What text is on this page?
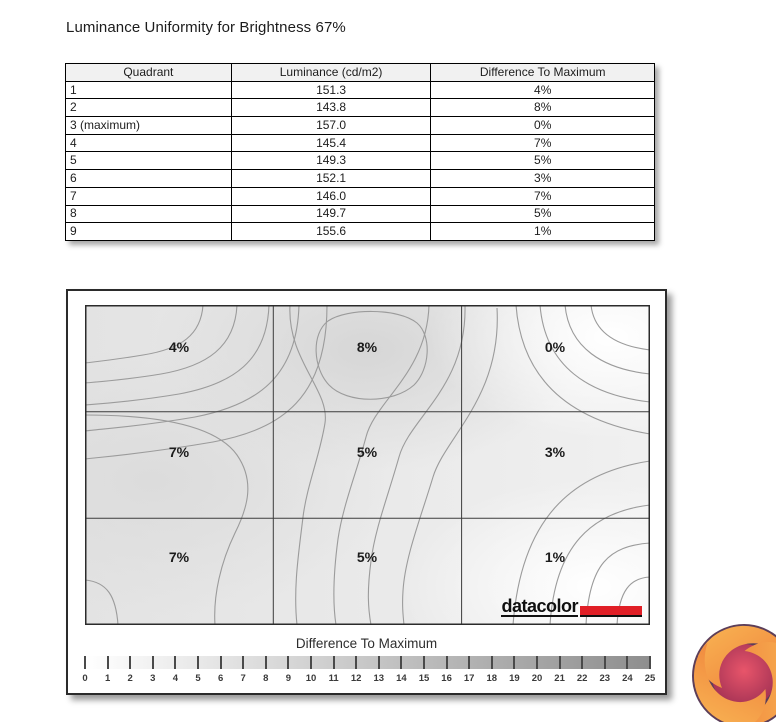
Luminance Uniformity for Brightness 67%
Quadrant	Luminance (cd/m2)	Difference To Maximum
1	151.3	4%
2	143.8	8%
3 (maximum)	157.0	0%
4	145.4	7%
5	149.3	5%
6	152.1	3%
7	146.0	7%
8	149.7	5%
9	155.6	1%
4%	8%	0%
7%	5%	3%
7%	5%	1%
datacolor
Difference To Maximum
0 1 2 3 4 5 6 7 8 9 10 11 12 13 14 15 16 17 18 19 20 21 22 23 24 25
